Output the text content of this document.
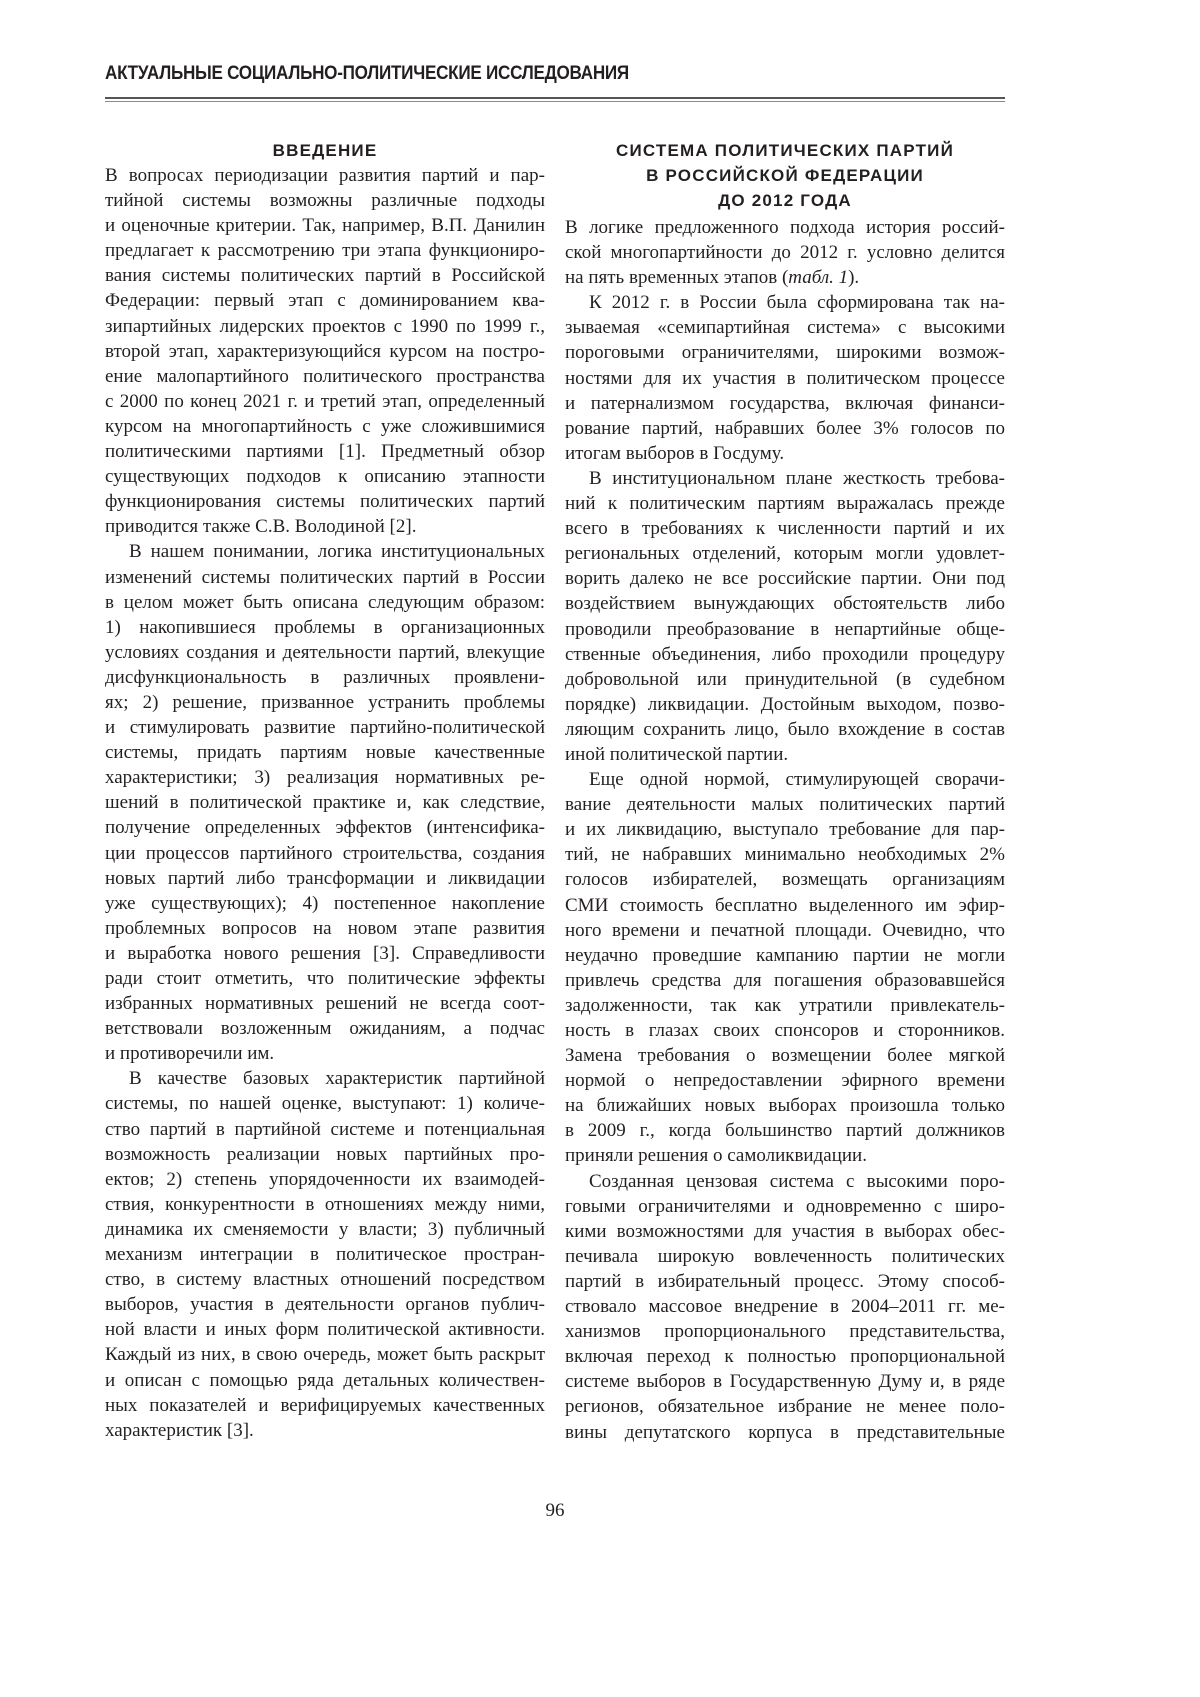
АКТУАЛЬНЫЕ СОЦИАЛЬНО-ПОЛИТИЧЕСКИЕ ИССЛЕДОВАНИЯ
ВВЕДЕНИЕ
В вопросах периодизации развития партий и пар-
тийной системы возможны различные подходы
и оценочные критерии. Так, например, В.П. Данилин
предлагает к рассмотрению три этапа функциониро-
вания системы политических партий в Российской
Федерации: первый этап с доминированием ква-
зипартийных лидерских проектов с 1990 по 1999 г.,
второй этап, характеризующийся курсом на постро-
ение малопартийного политического пространства
с 2000 по конец 2021 г. и третий этап, определенный
курсом на многопартийность с уже сложившимися
политическими партиями [1]. Предметный обзор
существующих подходов к описанию этапности
функционирования системы политических партий
приводится также С.В. Володиной [2].
В нашем понимании, логика институциональных
изменений системы политических партий в России
в целом может быть описана следующим образом:
1) накопившиеся проблемы в организационных
условиях создания и деятельности партий, влекущие
дисфункциональность в различных проявлени-
ях; 2) решение, призванное устранить проблемы
и стимулировать развитие партийно-политической
системы, придать партиям новые качественные
характеристики; 3) реализация нормативных ре-
шений в политической практике и, как следствие,
получение определенных эффектов (интенсифика-
ции процессов партийного строительства, создания
новых партий либо трансформации и ликвидации
уже существующих); 4) постепенное накопление
проблемных вопросов на новом этапе развития
и выработка нового решения [3]. Справедливости
ради стоит отметить, что политические эффекты
избранных нормативных решений не всегда соот-
ветствовали возложенным ожиданиям, а подчас
и противоречили им.
В качестве базовых характеристик партийной
системы, по нашей оценке, выступают: 1) количе-
ство партий в партийной системе и потенциальная
возможность реализации новых партийных про-
ектов; 2) степень упорядоченности их взаимодей-
ствия, конкурентности в отношениях между ними,
динамика их сменяемости у власти; 3) публичный
механизм интеграции в политическое простран-
ство, в систему властных отношений посредством
выборов, участия в деятельности органов публич-
ной власти и иных форм политической активности.
Каждый из них, в свою очередь, может быть раскрыт
и описан с помощью ряда детальных количествен-
ных показателей и верифицируемых качественных
характеристик [3].
СИСТЕМА ПОЛИТИЧЕСКИХ ПАРТИЙ
В РОССИЙСКОЙ ФЕДЕРАЦИИ
ДО 2012 ГОДА
В логике предложенного подхода история россий-
ской многопартийности до 2012 г. условно делится
на пять временных этапов (табл. 1).
К 2012 г. в России была сформирована так на-
зываемая «семипартийная система» с высокими
пороговыми ограничителями, широкими возмож-
ностями для их участия в политическом процессе
и патернализмом государства, включая финанси-
рование партий, набравших более 3% голосов по
итогам выборов в Госдуму.
В институциональном плане жесткость требова-
ний к политическим партиям выражалась прежде
всего в требованиях к численности партий и их
региональных отделений, которым могли удовлет-
ворить далеко не все российские партии. Они под
воздействием вынуждающих обстоятельств либо
проводили преобразование в непартийные обще-
ственные объединения, либо проходили процедуру
добровольной или принудительной (в судебном
порядке) ликвидации. Достойным выходом, позво-
ляющим сохранить лицо, было вхождение в состав
иной политической партии.
Еще одной нормой, стимулирующей сворачи-
вание деятельности малых политических партий
и их ликвидацию, выступало требование для пар-
тий, не набравших минимально необходимых 2%
голосов избирателей, возмещать организациям
СМИ стоимость бесплатно выделенного им эфир-
ного времени и печатной площади. Очевидно, что
неудачно проведшие кампанию партии не могли
привлечь средства для погашения образовавшейся
задолженности, так как утратили привлекатель-
ность в глазах своих спонсоров и сторонников.
Замена требования о возмещении более мягкой
нормой о непредоставлении эфирного времени
на ближайших новых выборах произошла только
в 2009 г., когда большинство партий должников
приняли решения о самоликвидации.
Созданная цензовая система с высокими поро-
говыми ограничителями и одновременно с широ-
кими возможностями для участия в выборах обес-
печивала широкую вовлеченность политических
партий в избирательный процесс. Этому способ-
ствовало массовое внедрение в 2004–2011 гг. ме-
ханизмов пропорционального представительства,
включая переход к полностью пропорциональной
системе выборов в Государственную Думу и, в ряде
регионов, обязательное избрание не менее поло-
вины депутатского корпуса в представительные
96
